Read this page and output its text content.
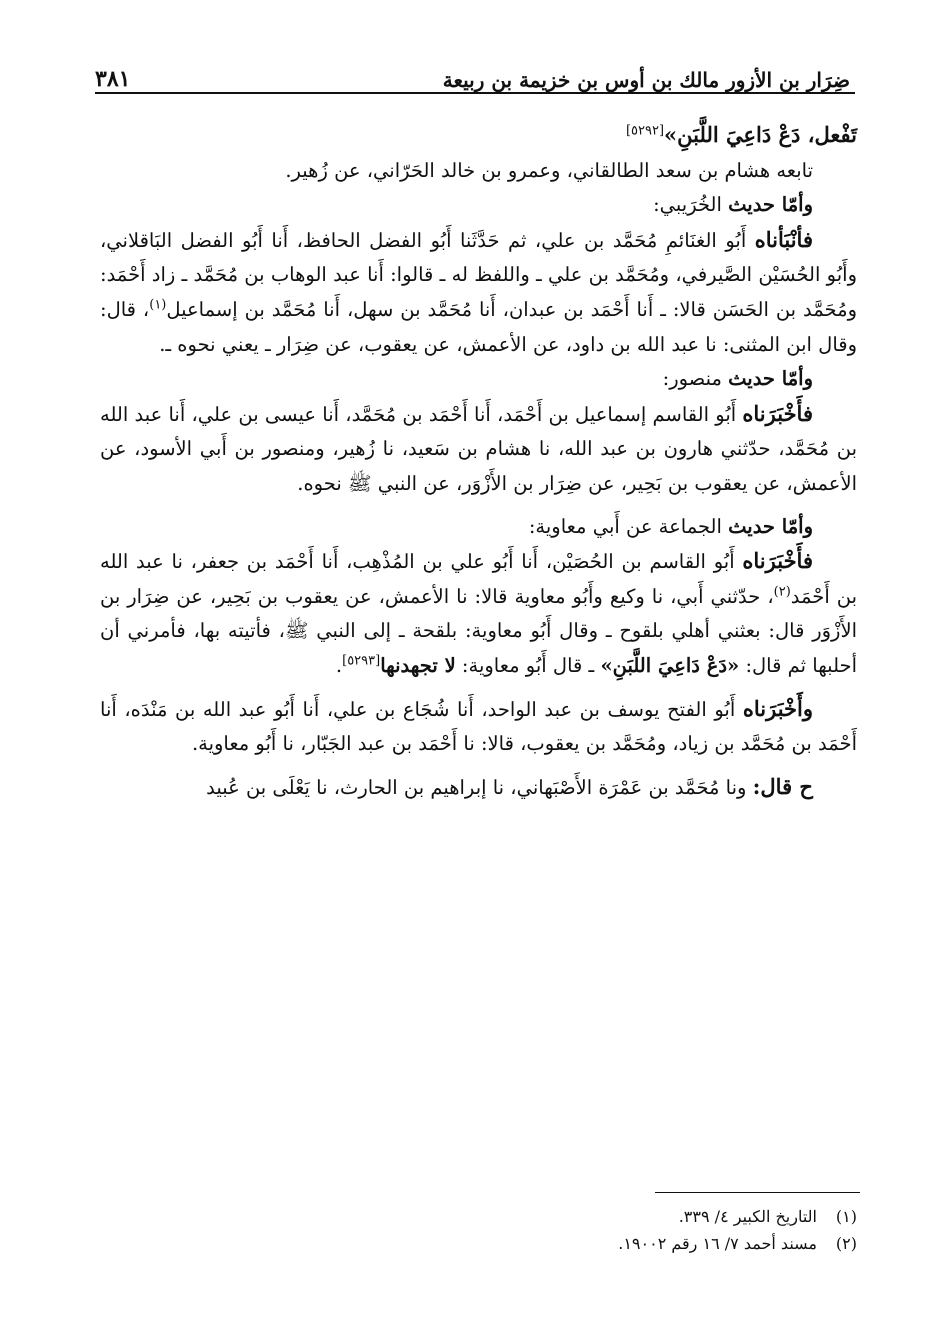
ضِرَار بن الأزور مالك بن أوس بن خزيمة بن ربيعة
٣٨١

تَفْعل، دَعْ دَاعِيَ اللَّبَنِ»[٥٢٩٢]

تابعه هشام بن سعد الطالقاني، وعمرو بن خالد الحَرّاني، عن زُهير.

وأمّا حديث الخُرَيبي:

فأنْبَأناه أَبُو الغنَائمِ مُحَمَّد بن علي، ثم حَدَّثَنا أَبُو الفضل الحافظ، أَنا أَبُو الفضل البَاقلاني، وأَبُو الحُسَيْن الصَّيرفي، ومُحَمَّد بن علي ـ واللفظ له ـ قالوا: أَنا عبد الوهاب بن مُحَمَّد ـ زاد أَحْمَد: ومُحَمَّد بن الحَسَن قالا: ـ أَنا أَحْمَد بن عبدان، أَنا مُحَمَّد بن سهل، أَنا مُحَمَّد بن إسماعيل$^{(١)}$، قال: وقال ابن المثنى: نا عبد الله بن داود، عن الأعمش، عن يعقوب، عن ضِرَار ـ يعني نحوه ـ.

وأمّا حديث منصور:

فأَخْبَرَناه أَبُو القاسم إسماعيل بن أَحْمَد، أَنا أَحْمَد بن مُحَمَّد، أَنا عيسى بن علي، أَنا عبد الله بن مُحَمَّد، حدّثني هارون بن عبد الله، نا هشام بن سَعيد، نا زُهير، ومنصور بن أَبي الأسود، عن الأعمش، عن يعقوب بن بَحِير، عن ضِرَار بن الأَزْوَر، عن النبي ﷺ نحوه.

وأمّا حديث الجماعة عن أَبي معاوية:

فأَخْبَرَناه أَبُو القاسم بن الحُصَيْن، أَنا أَبُو علي بن المُذْهِب، أَنا أَحْمَد بن جعفر، نا عبد الله بن أَحْمَد$^{(٢)}$، حدّثني أَبي، نا وكيع وأَبُو معاوية قالا: نا الأعمش، عن يعقوب بن بَحِير، عن ضِرَار بن الأَزْوَر قال: بعثني أهلي بلقوح ـ وقال أَبُو معاوية: بلقحة ـ إلى النبي ﷺ، فأتيته بها، فأمرني أن أحلبها ثم قال: «دَعْ دَاعِيَ اللَّبَنِ» ـ قال أَبُو معاوية: لا تجهدنها[٥٢٩٣].

وأَخْبَرَناه أَبُو الفتح يوسف بن عبد الواحد، أَنا شُجَاع بن علي، أَنا أَبُو عبد الله بن مَنْدَه، أَنا أَحْمَد بن مُحَمَّد بن زياد، ومُحَمَّد بن يعقوب، قالا: نا أَحْمَد بن عبد الجَبّار، نا أَبُو معاوية.

ح قال: ونا مُحَمَّد بن عَمْرَة الأَصْبَهاني، نا إبراهيم بن الحارث، نا يَعْلَى بن عُبيد

(١)التاريخ الكبير ٤/ ٣٣٩.

(٢)مسند أحمد ٧/ ١٦ رقم ١٩٠٠٢.
